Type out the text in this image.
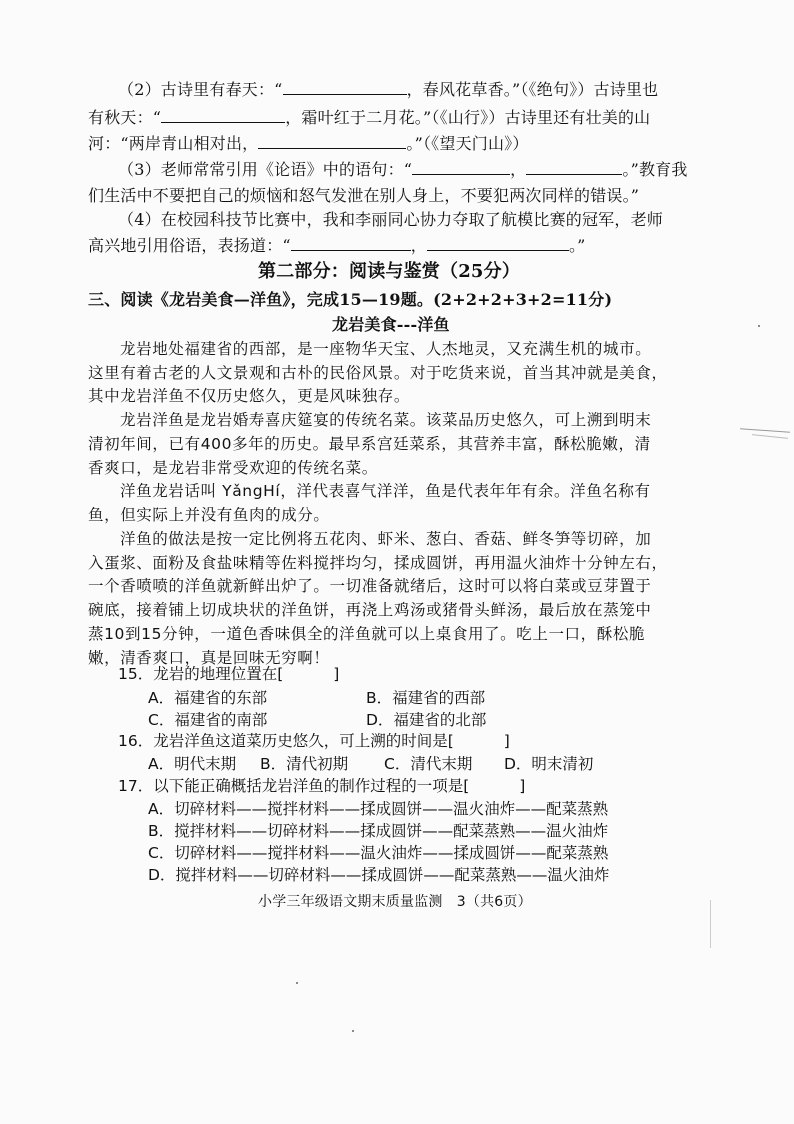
（2）古诗里有春天：“	，春风花草香。”（《绝句》）古诗里也
有秋天：“	，霜叶红于二月花。”（《山行》）古诗里还有壮美的山
河：“两岸青山相对出，	。”（《望天门山》）
（3）老师常常引用《论语》中的语句：“	，	。”教育我
们生活中不要把自己的烦恼和怒气发泄在别人身上，不要犯两次同样的错误。”
（4）在校园科技节比赛中，我和李丽同心协力夺取了航模比赛的冠军，老师
高兴地引用俗语，表扬道：“	，	。”
第二部分：阅读与鉴赏（25分）
三、阅读《龙岩美食—洋鱼》，完成15—19题。(2+2+2+3+2=11分)
龙岩美食---洋鱼
龙岩地处福建省的西部，是一座物华天宝、人杰地灵，又充满生机的城市。
这里有着古老的人文景观和古朴的民俗风景。对于吃货来说，首当其冲就是美食，
其中龙岩洋鱼不仅历史悠久，更是风味独存。
龙岩洋鱼是龙岩婚寿喜庆筵宴的传统名菜。该菜品历史悠久，可上溯到明末
清初年间，已有400多年的历史。最早系宫廷菜系，其营养丰富，酥松脆嫩，清
香爽口，是龙岩非常受欢迎的传统名菜。
洋鱼龙岩话叫 YǎngHí，洋代表喜气洋洋，鱼是代表年年有余。洋鱼名称有
鱼，但实际上并没有鱼肉的成分。
洋鱼的做法是按一定比例将五花肉、虾米、葱白、香菇、鲜冬笋等切碎，加
入蛋浆、面粉及食盐味精等佐料搅拌均匀，揉成圆饼，再用温火油炸十分钟左右，
一个香喷喷的洋鱼就新鲜出炉了。一切准备就绪后，这时可以将白菜或豆芽置于
碗底，接着铺上切成块状的洋鱼饼，再浇上鸡汤或猪骨头鲜汤，最后放在蒸笼中
蒸10到15分钟，一道色香味俱全的洋鱼就可以上桌食用了。吃上一口，酥松脆
嫩，清香爽口，真是回味无穷啊！
15．龙岩的地理位置在[	]
A．福建省的东部	B．福建省的西部
C．福建省的南部	D．福建省的北部
16．龙岩洋鱼这道菜历史悠久，可上溯的时间是[	]
A．明代末期 B．清代初期 C．清代末期 D．明末清初
17．以下能正确概括龙岩洋鱼的制作过程的一项是[	]
A．切碎材料——搅拌材料——揉成圆饼——温火油炸——配菜蒸熟
B．搅拌材料——切碎材料——揉成圆饼——配菜蒸熟——温火油炸
C．切碎材料——搅拌材料——温火油炸——揉成圆饼——配菜蒸熟
D．搅拌材料——切碎材料——揉成圆饼——配菜蒸熟——温火油炸
小学三年级语文期末质量监测　3（共6页）
